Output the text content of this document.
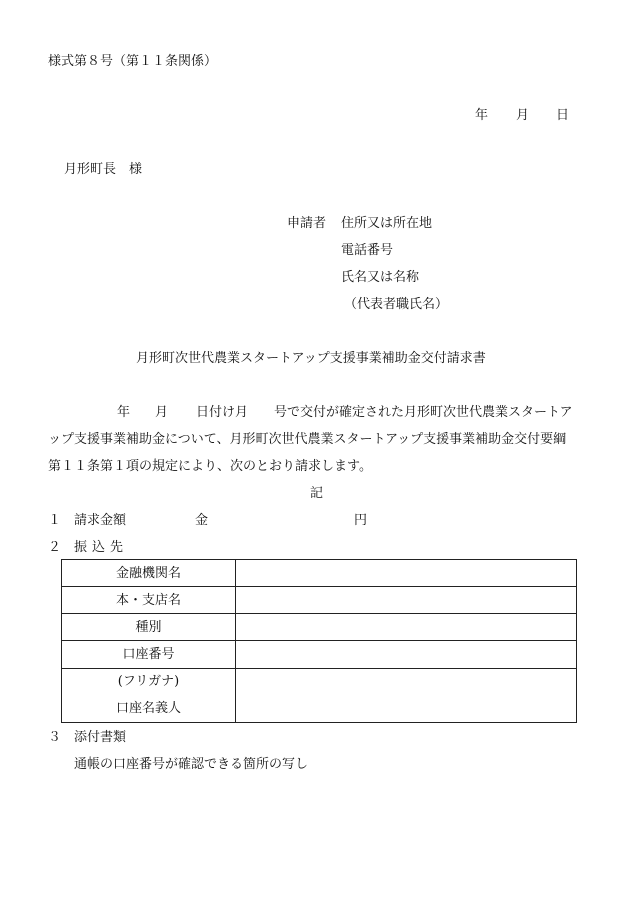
様式第８号（第１１条関係）
年 月 日
月形町長　様
申請者 住所又は所在地
電話番号
氏名又は名称
（代表者職氏名）
月形町次世代農業スタートアップ支援事業補助金交付請求書
年 月 日付け月　　号で交付が確定された月形町次世代農業スタートア
ップ支援事業補助金について、月形町次世代農業スタートアップ支援事業補助金交付要綱
第１１条第１項の規定により、次のとおり請求します。
記
１ 請求金額	金	円
２ 振込先
金融機関名	
本・支店名	
種別	
口座番号	

(フリガナ)
口座名義人	

３ 添付書類
通帳の口座番号が確認できる箇所の写し
